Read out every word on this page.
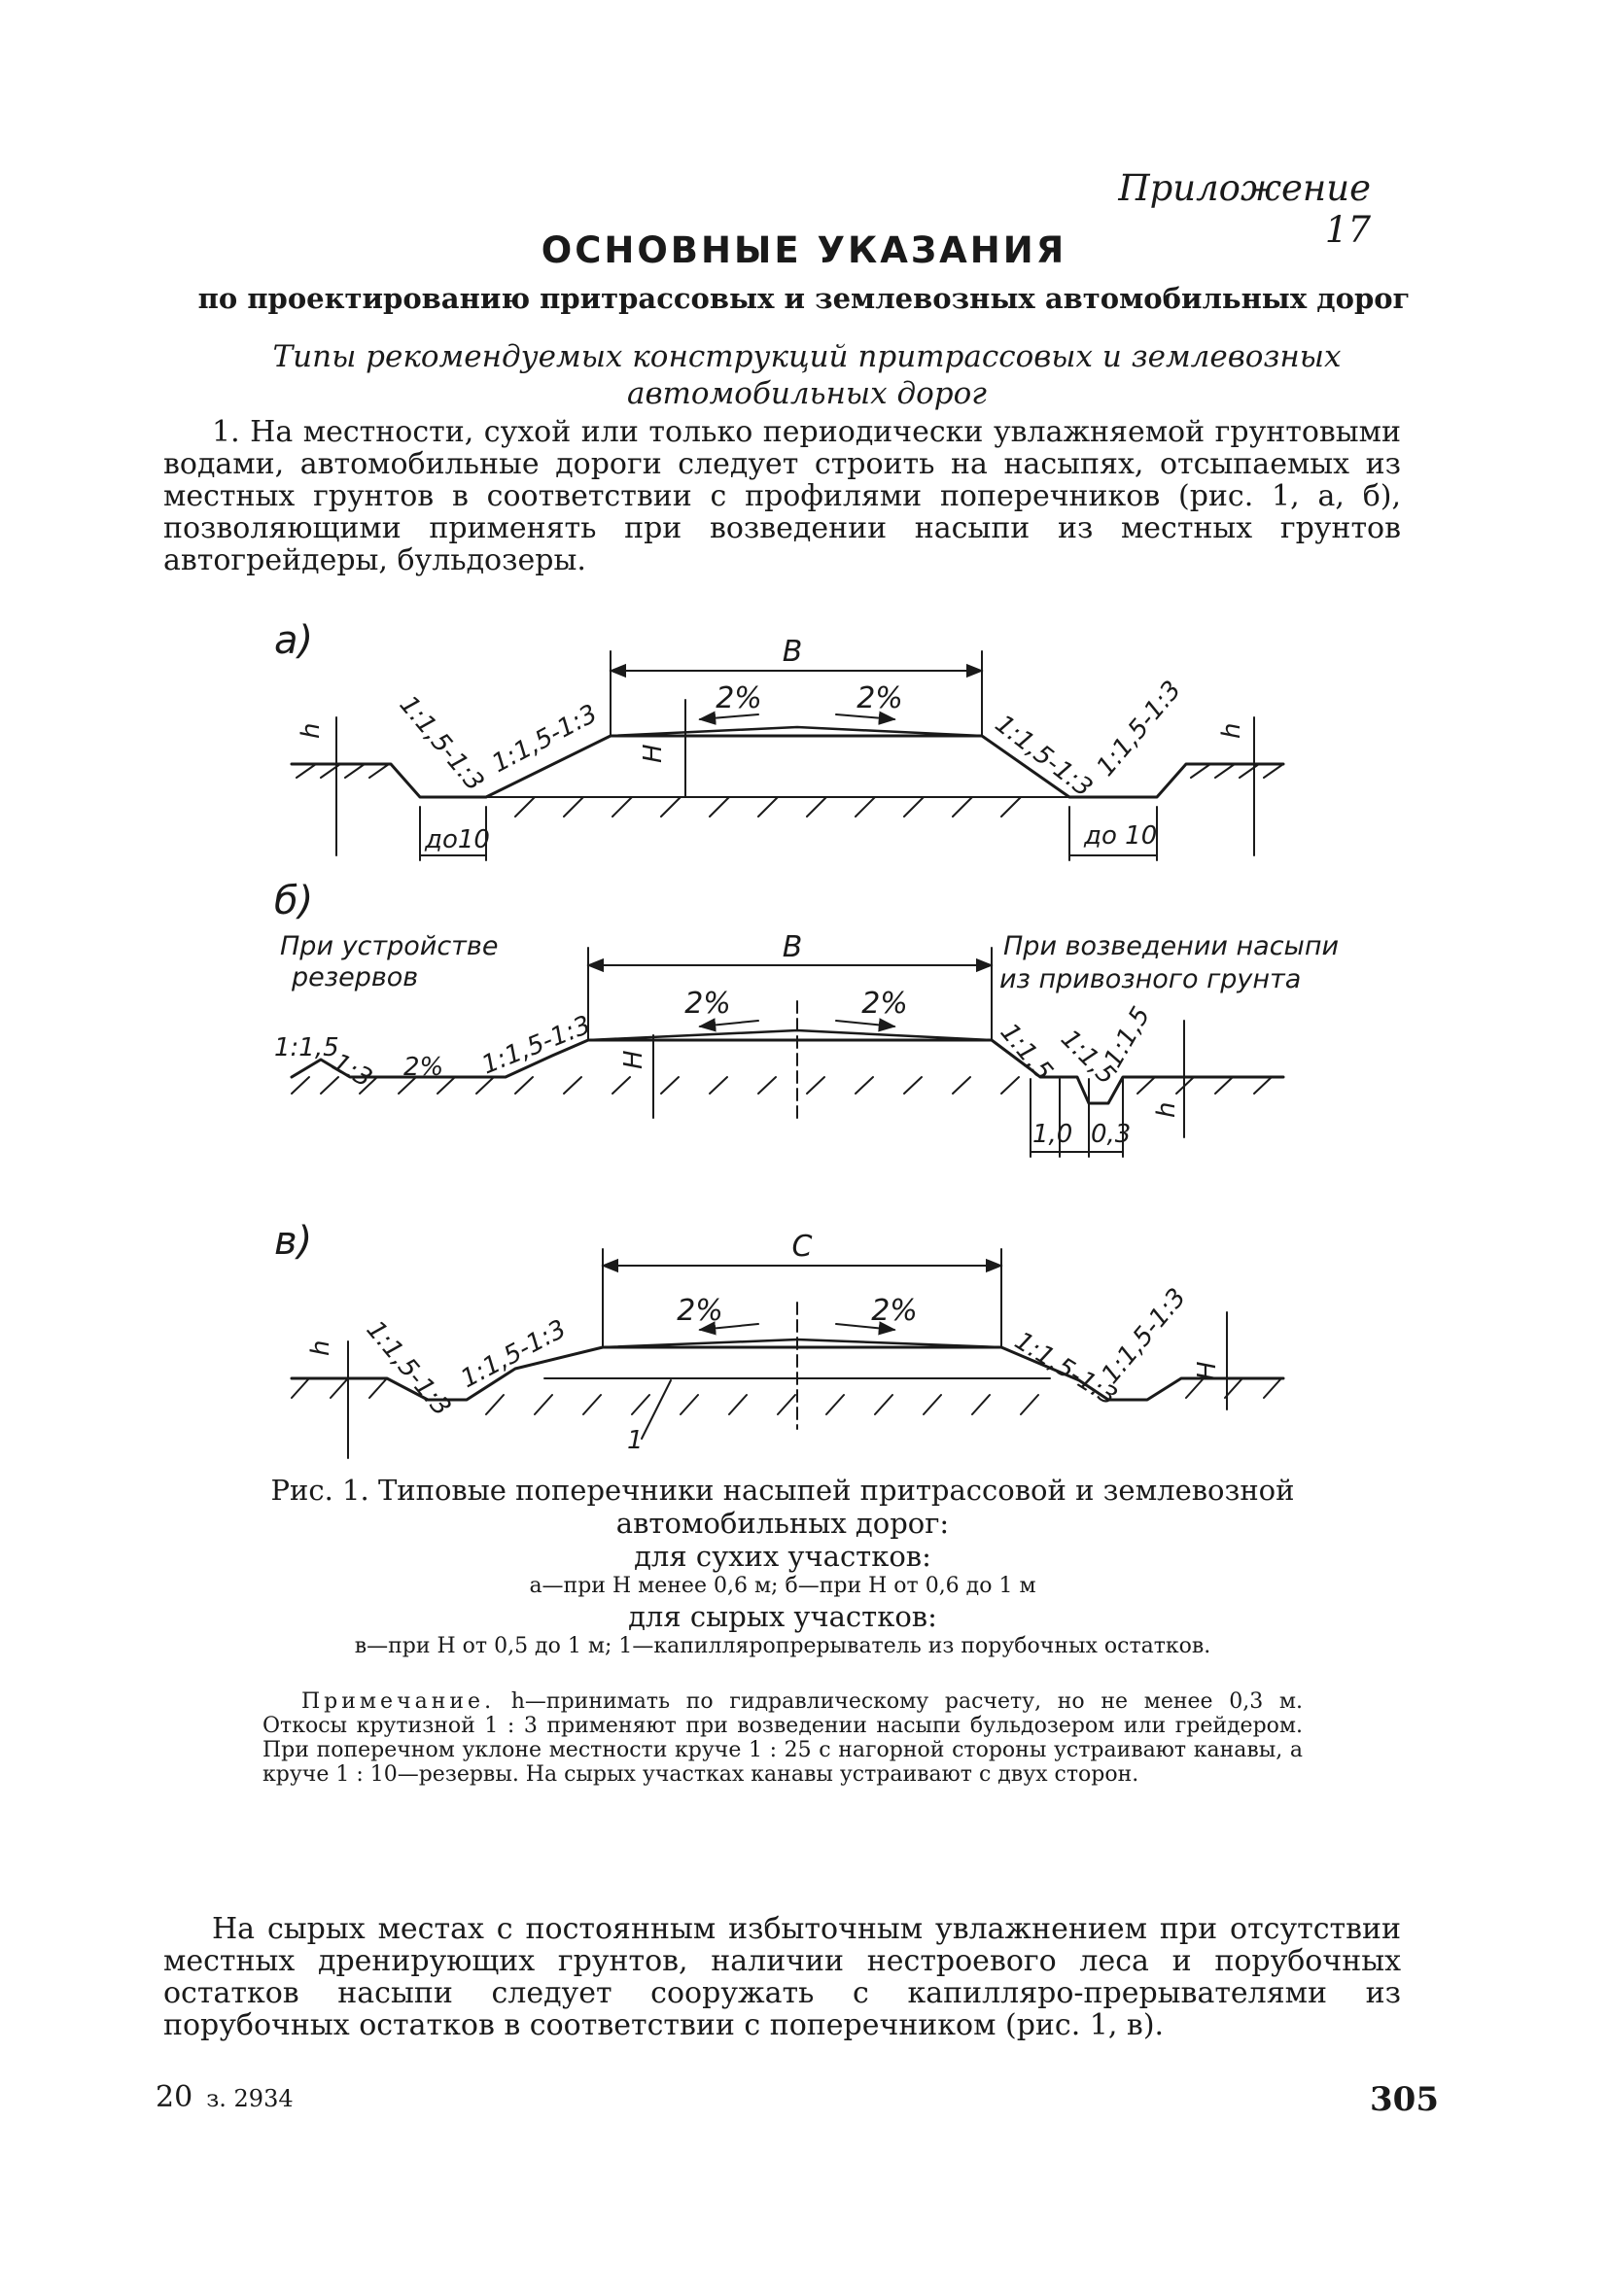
Приложение 17
ОСНОВНЫЕ УКАЗАНИЯ
по проектированию притрассовых и землевозных автомобильных дорог
Типы рекомендуемых конструкций притрассовых и землевозных
автомобильных дорог
1. На местности, сухой или только периодически увлажняемой грунтовыми водами, автомобильные дороги следует строить на насыпях, отсыпаемых из местных грунтов в соответствии с профилями поперечников (рис. 1, а, б), позволяющими применять при возведении насыпи из местных грунтов автогрейдеры, бульдозеры.
а)	В
2%	2%
Н
h	h
1:1,5-1:3
1:1,5-1:3	1:1,5-1:3
1:1,5-1:3
до10	до 10
б)
При устройстве
резервов
При возведении насыпи
из привозного грунта
В
2%	2%
1:1,5
1:3 2% 1:1,5-1:3	1:1,5
1:1,5
1:1,5
Н
h
1,0 0,3
в)	С
2%	2%
1:1,5-1:3 1:1,5-1:3	1:1,5-1:3
1:1,5-1:3
h
Н
1
Рис. 1. Типовые поперечники насыпей притрассовой и землевозной автомобильных дорог:
для сухих участков:
а—при Н менее 0,6 м; б—при Н от 0,6 до 1 м
для сырых участков:
в—при Н от 0,5 до 1 м; 1—капилляропрерыватель из порубочных остатков.
Примечание. h—принимать по гидравлическому расчету, но не менее 0,3 м. Откосы крутизной 1 : 3 применяют при возведении насыпи бульдозером или грейдером. При поперечном уклоне местности круче 1 : 25 с нагорной стороны устраивают канавы, а круче 1 : 10—резервы. На сырых участках канавы устраивают с двух сторон.
На сырых местах с постоянным избыточным увлажнением при отсутствии местных дренирующих грунтов, наличии нестроевого леса и порубочных остатков насыпи следует сооружать с капилляро-прерывателями из порубочных остатков в соответствии с поперечником (рис. 1, в).
20 з. 2934	305
